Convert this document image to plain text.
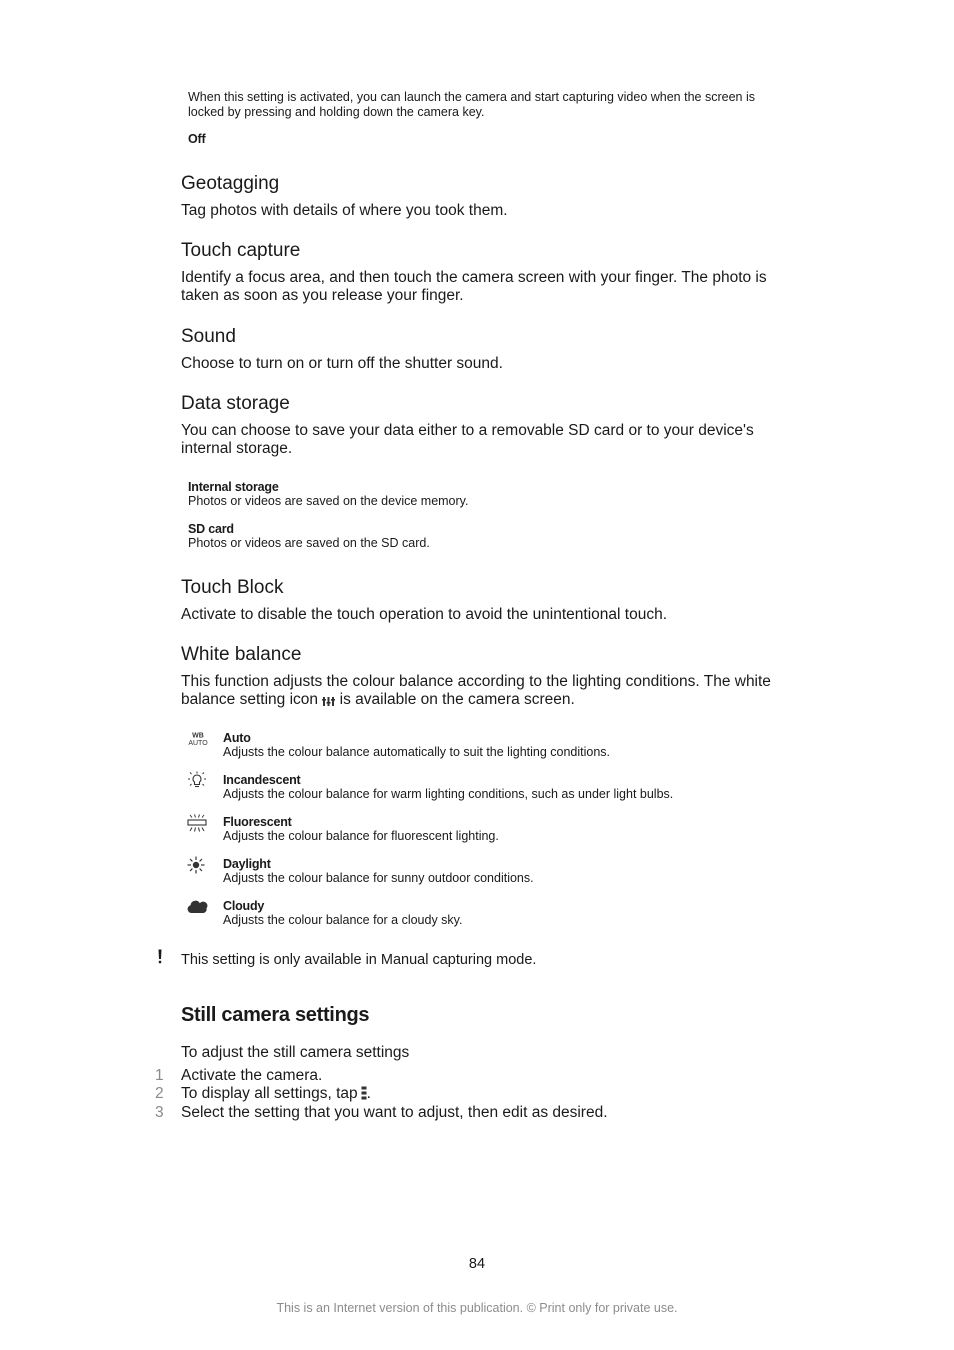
When this setting is activated, you can launch the camera and start capturing video when the screen is locked by pressing and holding down the camera key.
Off
Geotagging
Tag photos with details of where you took them.
Touch capture
Identify a focus area, and then touch the camera screen with your finger. The photo is taken as soon as you release your finger.
Sound
Choose to turn on or turn off the shutter sound.
Data storage
You can choose to save your data either to a removable SD card or to your device's internal storage.
Internal storage
Photos or videos are saved on the device memory.
SD card
Photos or videos are saved on the SD card.
Touch Block
Activate to disable the touch operation to avoid the unintentional touch.
White balance
This function adjusts the colour balance according to the lighting conditions. The white balance setting icon is available on the camera screen.
WB
AUTO Auto
Adjusts the colour balance automatically to suit the lighting conditions.
Incandescent
Adjusts the colour balance for warm lighting conditions, such as under light bulbs.
Fluorescent
Adjusts the colour balance for fluorescent lighting.
Daylight
Adjusts the colour balance for sunny outdoor conditions.
Cloudy
Adjusts the colour balance for a cloudy sky.
This setting is only available in Manual capturing mode.
Still camera settings
To adjust the still camera settings
1 Activate the camera.
2 To display all settings, tap .
3 Select the setting that you want to adjust, then edit as desired.
84
This is an Internet version of this publication. © Print only for private use.
